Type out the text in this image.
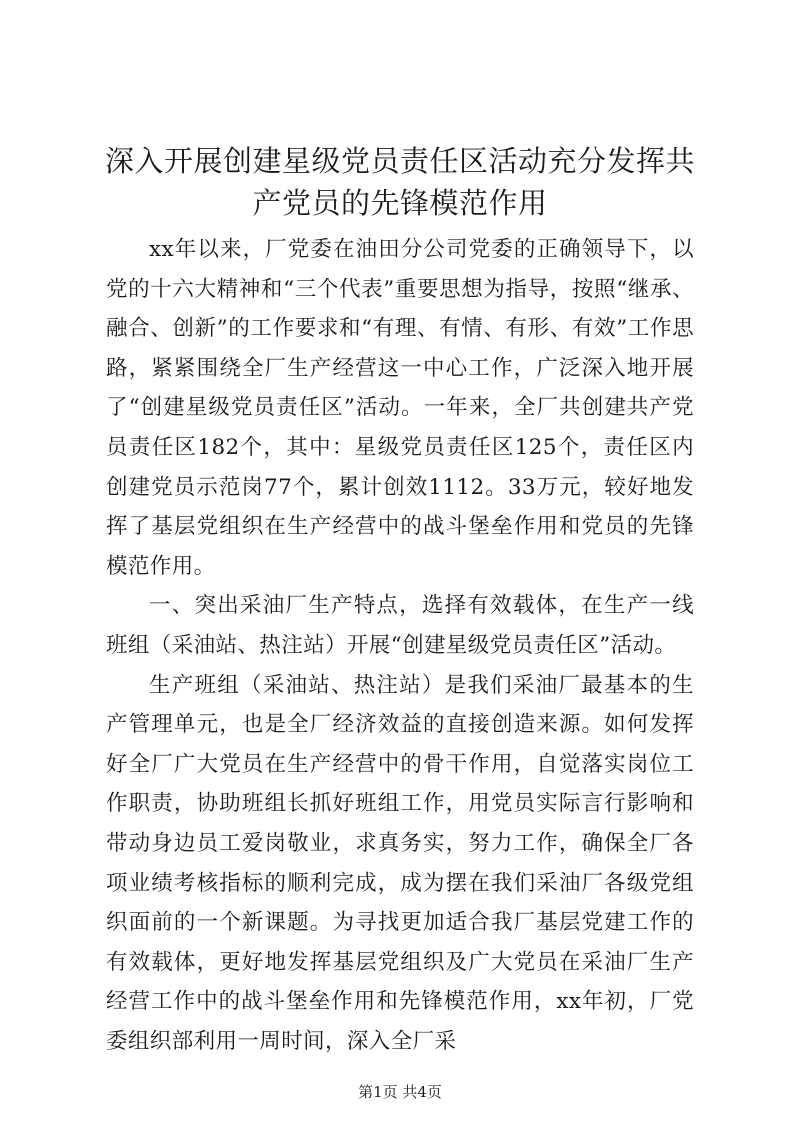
深入开展创建星级党员责任区活动充分发挥共产党员的先锋模范作用

xx年以来，厂党委在油田分公司党委的正确领导下，以党的十六大精神和“三个代表”重要思想为指导，按照“继承、融合、创新”的工作要求和“有理、有情、有形、有效”工作思路，紧紧围绕全厂生产经营这一中心工作，广泛深入地开展了“创建星级党员责任区”活动。一年来，全厂共创建共产党员责任区182个，其中：星级党员责任区125个，责任区内创建党员示范岗77个，累计创效1112。33万元，较好地发挥了基层党组织在生产经营中的战斗堡垒作用和党员的先锋模范作用。

一、突出采油厂生产特点，选择有效载体，在生产一线班组（采油站、热注站）开展“创建星级党员责任区”活动。

生产班组（采油站、热注站）是我们采油厂最基本的生产管理单元，也是全厂经济效益的直接创造来源。如何发挥好全厂广大党员在生产经营中的骨干作用，自觉落实岗位工作职责，协助班组长抓好班组工作，用党员实际言行影响和带动身边员工爱岗敬业，求真务实，努力工作，确保全厂各项业绩考核指标的顺利完成，成为摆在我们采油厂各级党组织面前的一个新课题。为寻找更加适合我厂基层党建工作的有效载体，更好地发挥基层党组织及广大党员在采油厂生产经营工作中的战斗堡垒作用和先锋模范作用，xx年初，厂党委组织部利用一周时间，深入全厂采

第1页 共4页
